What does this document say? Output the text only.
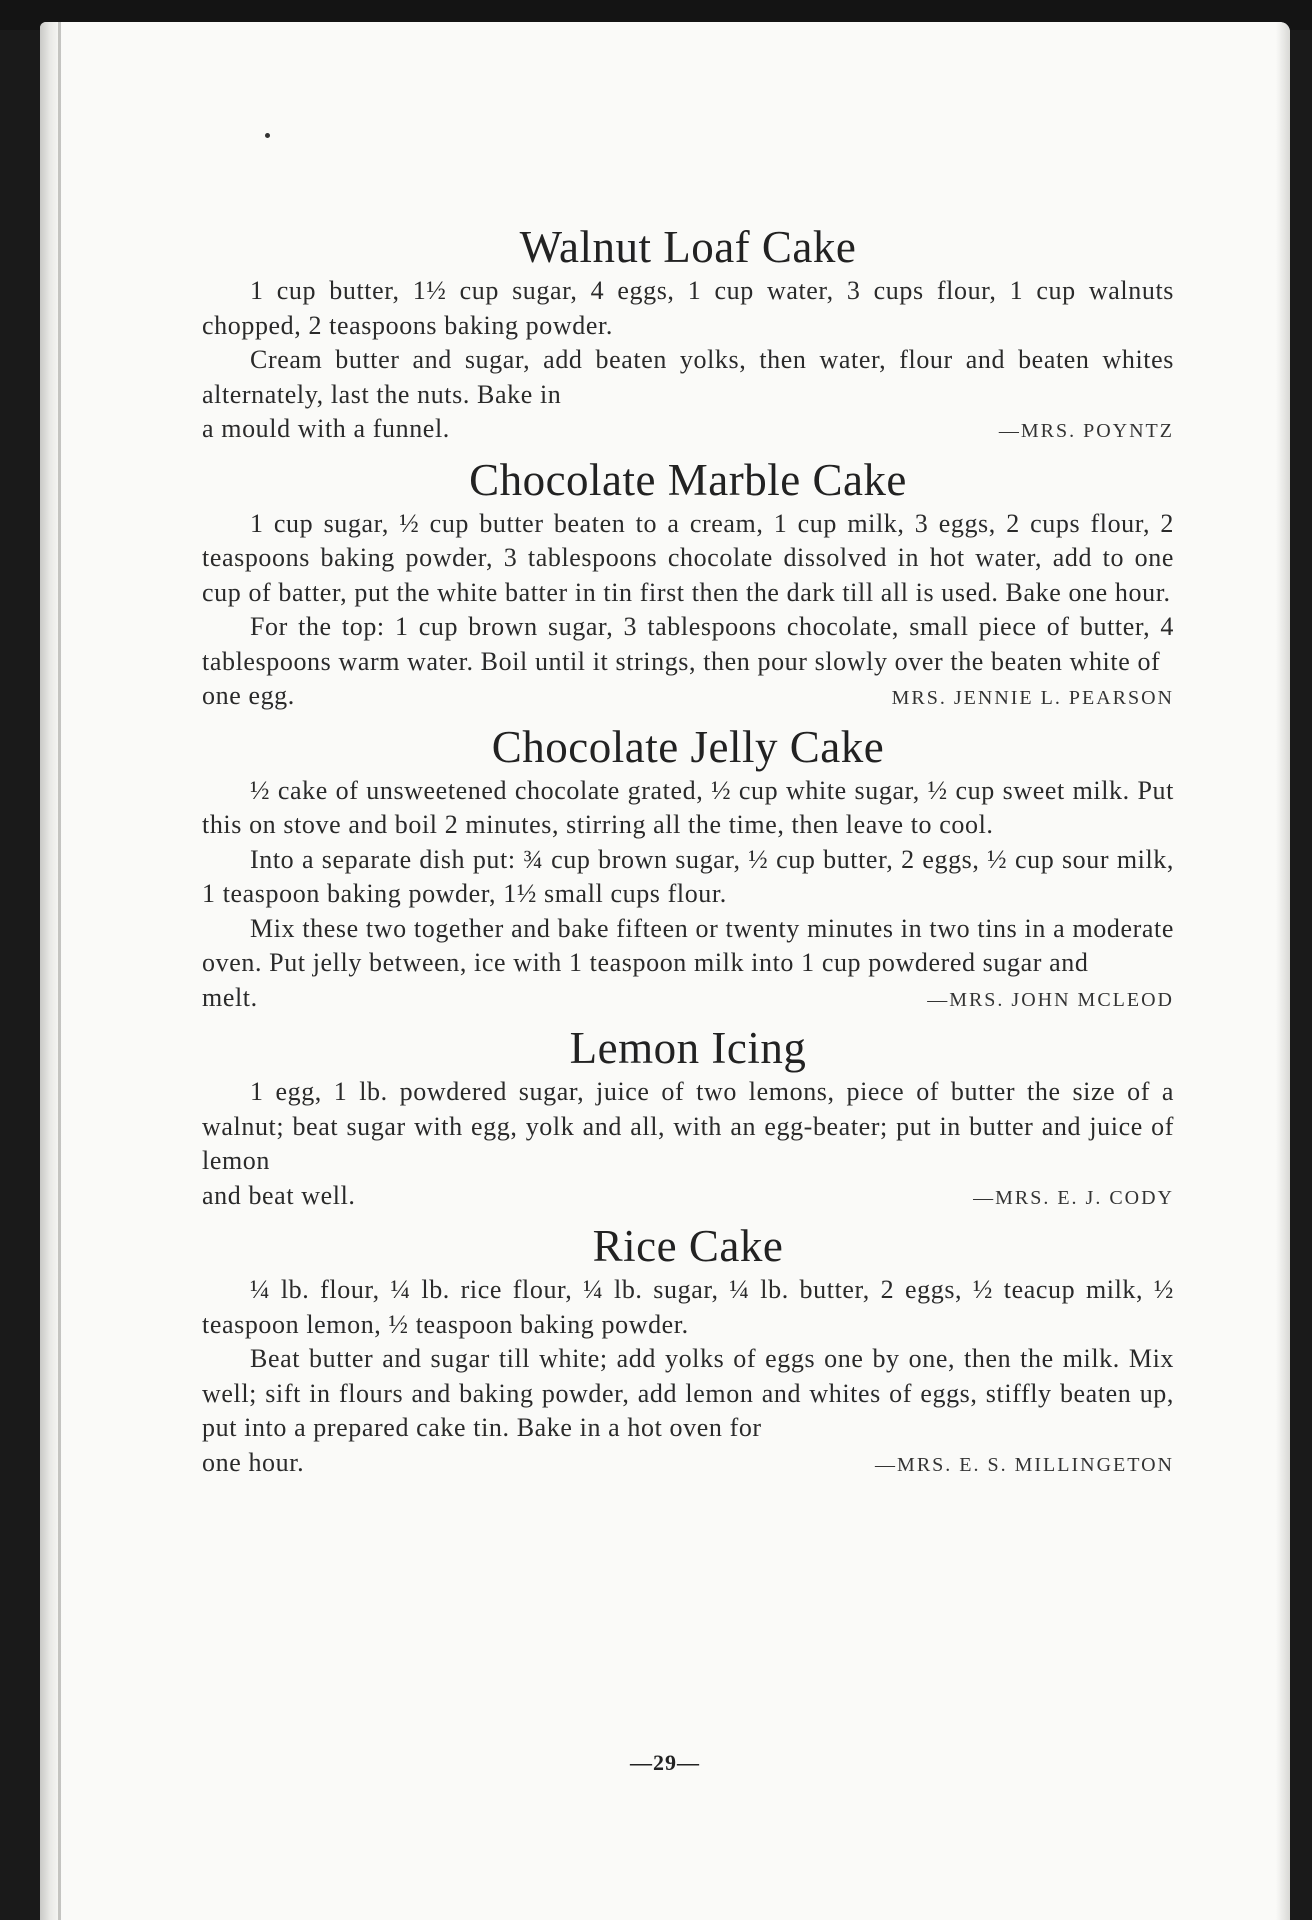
Walnut Loaf Cake

1 cup butter, 1½ cup sugar, 4 eggs, 1 cup water, 3 cups flour, 1 cup walnuts chopped, 2 teaspoons baking powder.

Cream butter and sugar, add beaten yolks, then water, flour and beaten whites alternately, last the nuts. Bake in

a mould with a funnel.	—MRS. POYNTZ
Chocolate Marble Cake

1 cup sugar, ½ cup butter beaten to a cream, 1 cup milk, 3 eggs, 2 cups flour, 2 teaspoons baking powder, 3 tablespoons chocolate dissolved in hot water, add to one cup of batter, put the white batter in tin first then the dark till all is used. Bake one hour.

For the top: 1 cup brown sugar, 3 tablespoons chocolate, small piece of butter, 4 tablespoons warm water. Boil until it strings, then pour slowly over the beaten white of

one egg.	MRS. JENNIE L. PEARSON
Chocolate Jelly Cake

½ cake of unsweetened chocolate grated, ½ cup white sugar, ½ cup sweet milk. Put this on stove and boil 2 minutes, stirring all the time, then leave to cool.

Into a separate dish put: ¾ cup brown sugar, ½ cup butter, 2 eggs, ½ cup sour milk, 1 teaspoon baking powder, 1½ small cups flour.

Mix these two together and bake fifteen or twenty minutes in two tins in a moderate oven. Put jelly between, ice with 1 teaspoon milk into 1 cup powdered sugar and

melt.	—MRS. JOHN MCLEOD
Lemon Icing

1 egg, 1 lb. powdered sugar, juice of two lemons, piece of butter the size of a walnut; beat sugar with egg, yolk and all, with an egg-beater; put in butter and juice of lemon

and beat well.	—MRS. E. J. CODY
Rice Cake

¼ lb. flour, ¼ lb. rice flour, ¼ lb. sugar, ¼ lb. butter, 2 eggs, ½ teacup milk, ½ teaspoon lemon, ½ teaspoon baking powder.

Beat butter and sugar till white; add yolks of eggs one by one, then the milk. Mix well; sift in flours and baking powder, add lemon and whites of eggs, stiffly beaten up, put into a prepared cake tin. Bake in a hot oven for

one hour.	—MRS. E. S. MILLINGETON
—29—
